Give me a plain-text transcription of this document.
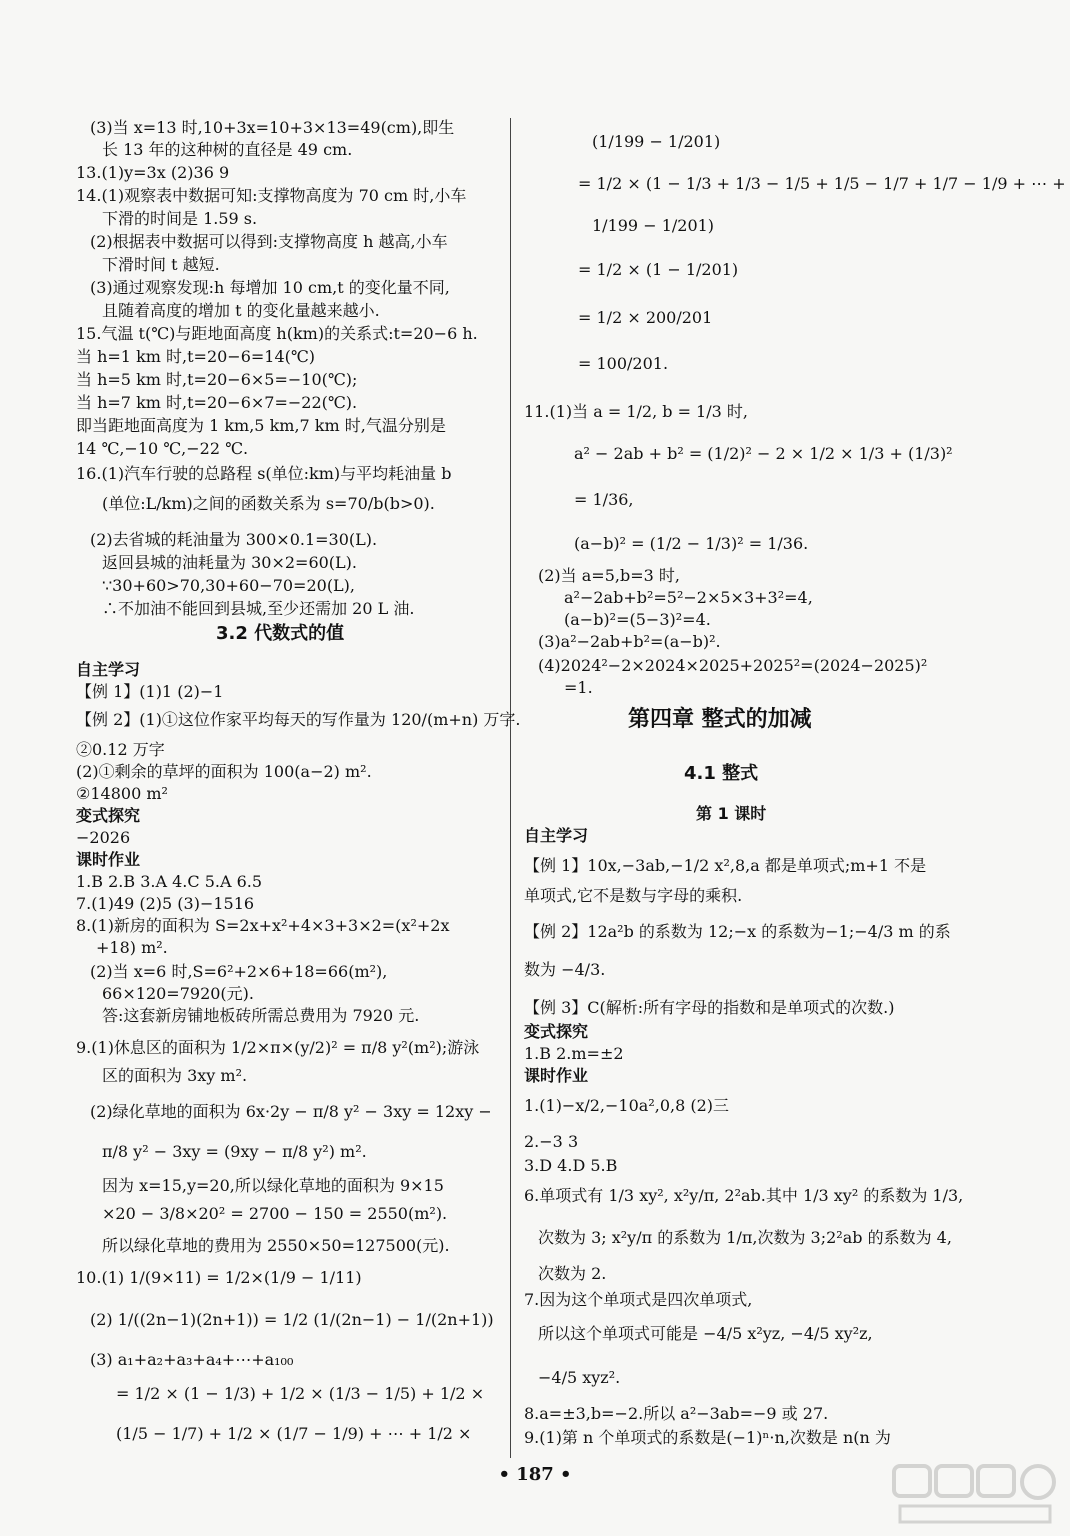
(3)当 x=13 时,10+3x=10+3×13=49(cm),即生
长 13 年的这种树的直径是 49 cm.
13.(1)y=3x (2)36 9
14.(1)观察表中数据可知:支撑物高度为 70 cm 时,小车
下滑的时间是 1.59 s.
(2)根据表中数据可以得到:支撑物高度 h 越高,小车
下滑时间 t 越短.
(3)通过观察发现:h 每增加 10 cm,t 的变化量不同,
且随着高度的增加 t 的变化量越来越小.
15.气温 t(℃)与距地面高度 h(km)的关系式:t=20−6 h.
当 h=1 km 时,t=20−6=14(℃)
当 h=5 km 时,t=20−6×5=−10(℃);
当 h=7 km 时,t=20−6×7=−22(℃).
即当距地面高度为 1 km,5 km,7 km 时,气温分别是
14 ℃,−10 ℃,−22 ℃.
16.(1)汽车行驶的总路程 s(单位:km)与平均耗油量 b
(单位:L/km)之间的函数关系为 s=70/b(b>0).
(2)去省城的耗油量为 300×0.1=30(L).
返回县城的油耗量为 30×2=60(L).
∵30+60>70,30+60−70=20(L),
∴不加油不能回到县城,至少还需加 20 L 油.
3.2 代数式的值
自主学习
【例 1】(1)1 (2)−1
【例 2】(1)①这位作家平均每天的写作量为 120/(m+n) 万字.
②0.12 万字
(2)①剩余的草坪的面积为 100(a−2) m².
②14800 m²
变式探究
−2026
课时作业
1.B 2.B 3.A 4.C 5.A 6.5
7.(1)49 (2)5 (3)−1516
8.(1)新房的面积为 S=2x+x²+4×3+3×2=(x²+2x
+18) m².
(2)当 x=6 时,S=6²+2×6+18=66(m²),
66×120=7920(元).
答:这套新房铺地板砖所需总费用为 7920 元.
9.(1)休息区的面积为 1/2×π×(y/2)² = π/8 y²(m²);游泳
区的面积为 3xy m².
(2)绿化草地的面积为 6x·2y − π/8 y² − 3xy = 12xy −
π/8 y² − 3xy = (9xy − π/8 y²) m².
因为 x=15,y=20,所以绿化草地的面积为 9×15
×20 − 3/8×20² = 2700 − 150 = 2550(m²).
所以绿化草地的费用为 2550×50=127500(元).
10.(1) 1/(9×11) = 1/2×(1/9 − 1/11)
(2) 1/((2n−1)(2n+1)) = 1/2 (1/(2n−1) − 1/(2n+1))
(3) a₁+a₂+a₃+a₄+⋯+a₁₀₀
= 1/2 × (1 − 1/3) + 1/2 × (1/3 − 1/5) + 1/2 ×
(1/5 − 1/7) + 1/2 × (1/7 − 1/9) + ⋯ + 1/2 ×
(1/199 − 1/201)
= 1/2 × (1 − 1/3 + 1/3 − 1/5 + 1/5 − 1/7 + 1/7 − 1/9 + ⋯ +
1/199 − 1/201)
= 1/2 × (1 − 1/201)
= 1/2 × 200/201
= 100/201.
11.(1)当 a = 1/2, b = 1/3 时,
a² − 2ab + b² = (1/2)² − 2 × 1/2 × 1/3 + (1/3)²
= 1/36,
(a−b)² = (1/2 − 1/3)² = 1/36.
(2)当 a=5,b=3 时,
a²−2ab+b²=5²−2×5×3+3²=4,
(a−b)²=(5−3)²=4.
(3)a²−2ab+b²=(a−b)².
(4)2024²−2×2024×2025+2025²=(2024−2025)²
=1.
第四章 整式的加减
4.1 整式
第 1 课时
自主学习
【例 1】10x,−3ab,−1/2 x²,8,a 都是单项式;m+1 不是
单项式,它不是数与字母的乘积.
【例 2】12a²b 的系数为 12;−x 的系数为−1;−4/3 m 的系
数为 −4/3.
【例 3】C(解析:所有字母的指数和是单项式的次数.)
变式探究
1.B 2.m=±2
课时作业
1.(1)−x/2,−10a²,0,8 (2)三
2.−3 3
3.D 4.D 5.B
6.单项式有 1/3 xy², x²y/π, 2²ab.其中 1/3 xy² 的系数为 1/3,
次数为 3; x²y/π 的系数为 1/π,次数为 3;2²ab 的系数为 4,
次数为 2.
7.因为这个单项式是四次单项式,
所以这个单项式可能是 −4/5 x²yz, −4/5 xy²z,
−4/5 xyz².
8.a=±3,b=−2.所以 a²−3ab=−9 或 27.
9.(1)第 n 个单项式的系数是(−1)ⁿ·n,次数是 n(n 为
• 187 •
